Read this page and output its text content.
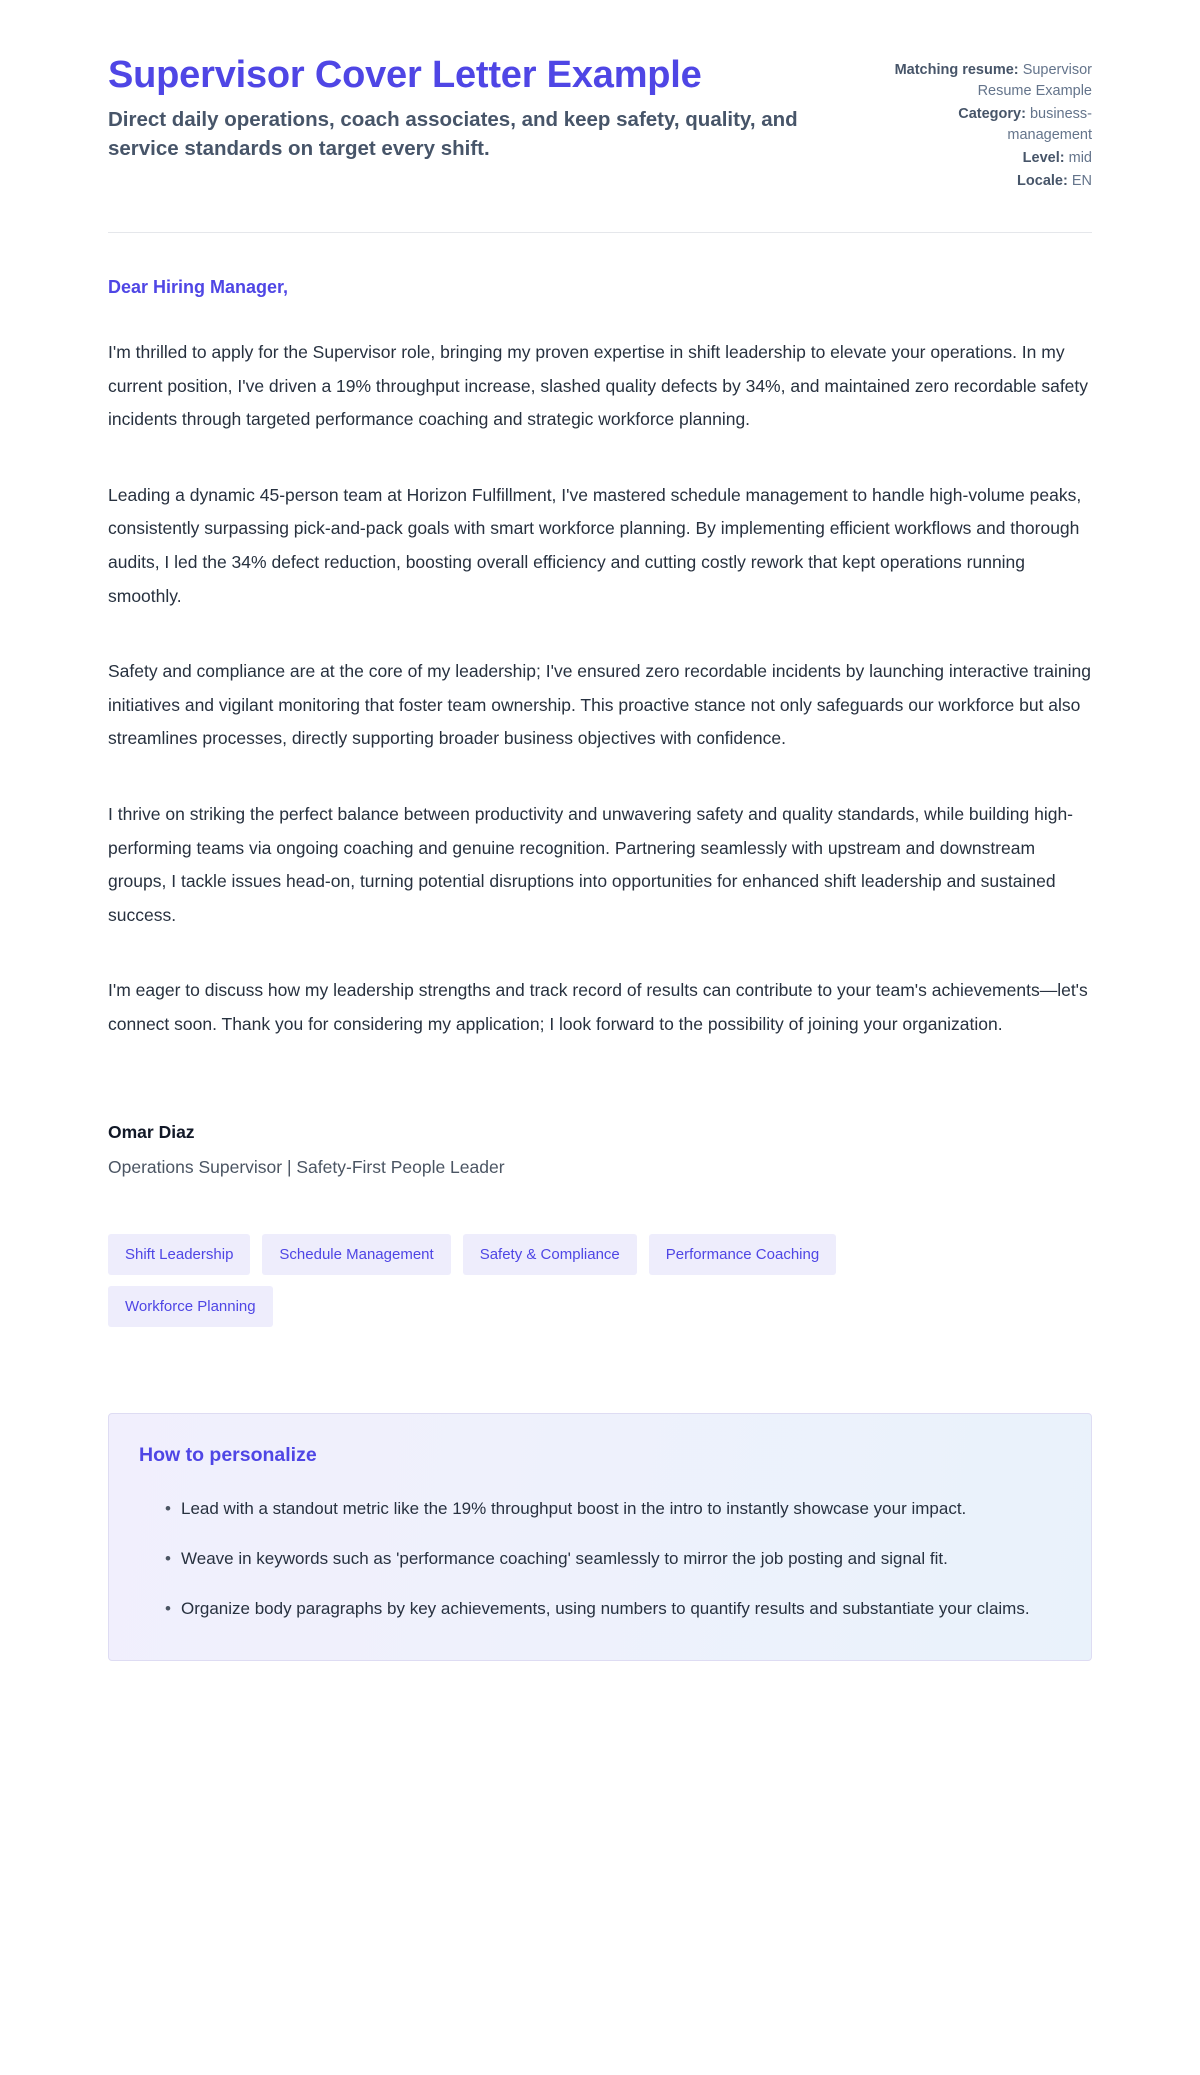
Supervisor Cover Letter Example

Direct daily operations, coach associates, and keep safety, quality, and service standards on target every shift.

Matching resume: Supervisor Resume Example
Category: business-management
Level: mid
Locale: EN

Dear Hiring Manager,

I'm thrilled to apply for the Supervisor role, bringing my proven expertise in shift leadership to elevate your operations. In my current position, I've driven a 19% throughput increase, slashed quality defects by 34%, and maintained zero recordable safety incidents through targeted performance coaching and strategic workforce planning.

Leading a dynamic 45-person team at Horizon Fulfillment, I've mastered schedule management to handle high-volume peaks, consistently surpassing pick-and-pack goals with smart workforce planning. By implementing efficient workflows and thorough audits, I led the 34% defect reduction, boosting overall efficiency and cutting costly rework that kept operations running smoothly.

Safety and compliance are at the core of my leadership; I've ensured zero recordable incidents by launching interactive training initiatives and vigilant monitoring that foster team ownership. This proactive stance not only safeguards our workforce but also streamlines processes, directly supporting broader business objectives with confidence.

I thrive on striking the perfect balance between productivity and unwavering safety and quality standards, while building high-performing teams via ongoing coaching and genuine recognition. Partnering seamlessly with upstream and downstream groups, I tackle issues head-on, turning potential disruptions into opportunities for enhanced shift leadership and sustained success.

I'm eager to discuss how my leadership strengths and track record of results can contribute to your team's achievements—let's connect soon. Thank you for considering my application; I look forward to the possibility of joining your organization.

Omar Diaz

Operations Supervisor | Safety-First People Leader

Shift Leadership	Schedule Management	Safety & Compliance	Performance Coaching
Workforce Planning
How to personalize
• Lead with a standout metric like the 19% throughput boost in the intro to instantly showcase your impact.
• Weave in keywords such as 'performance coaching' seamlessly to mirror the job posting and signal fit.
• Organize body paragraphs by key achievements, using numbers to quantify results and substantiate your claims.
